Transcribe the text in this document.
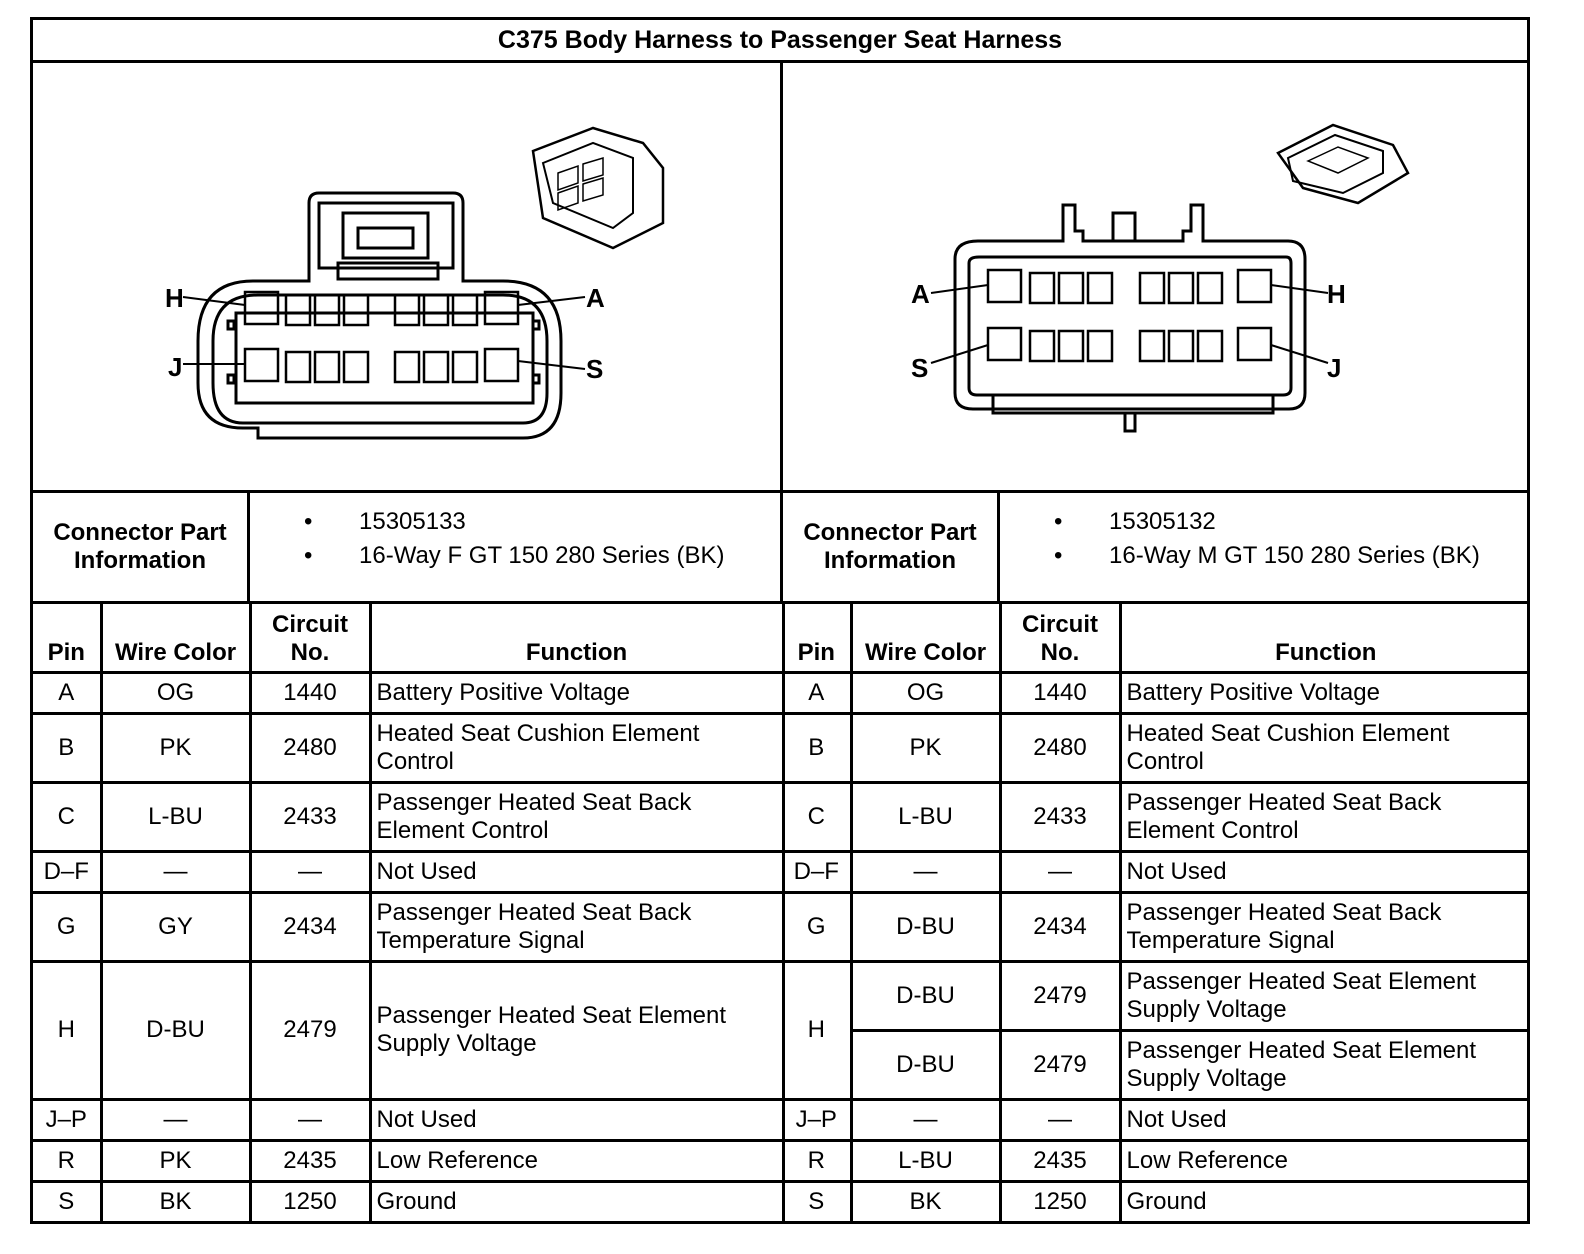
C375 Body Harness to Passenger Seat Harness
H	A
J	S
A	H
S	J
Connector Part Information
• 15305133
• 16-Way F GT 150 280 Series (BK)
Connector Part Information
• 15305132
• 16-Way M GT 150 280 Series (BK)
Pin	Wire Color	Circuit No.	Function
A	OG	1440	Battery Positive Voltage
B	PK	2480	Heated Seat Cushion Element Control
C	L-BU	2433	Passenger Heated Seat Back Element Control
D–F	—	—	Not Used
G	GY	2434	Passenger Heated Seat Back Temperature Signal
H	D-BU	2479	Passenger Heated Seat Element Supply Voltage
J–P	—	—	Not Used
R	PK	2435	Low Reference
S	BK	1250	Ground
Pin	Wire Color	Circuit No.	Function
A	OG	1440	Battery Positive Voltage
B	PK	2480	Heated Seat Cushion Element Control
C	L-BU	2433	Passenger Heated Seat Back Element Control
D–F	—	—	Not Used
G	D-BU	2434	Passenger Heated Seat Back Temperature Signal
H	D-BU	2479	Passenger Heated Seat Element Supply Voltage
	D-BU	2479	Passenger Heated Seat Element Supply Voltage
J–P	—	—	Not Used
R	L-BU	2435	Low Reference
S	BK	1250	Ground
